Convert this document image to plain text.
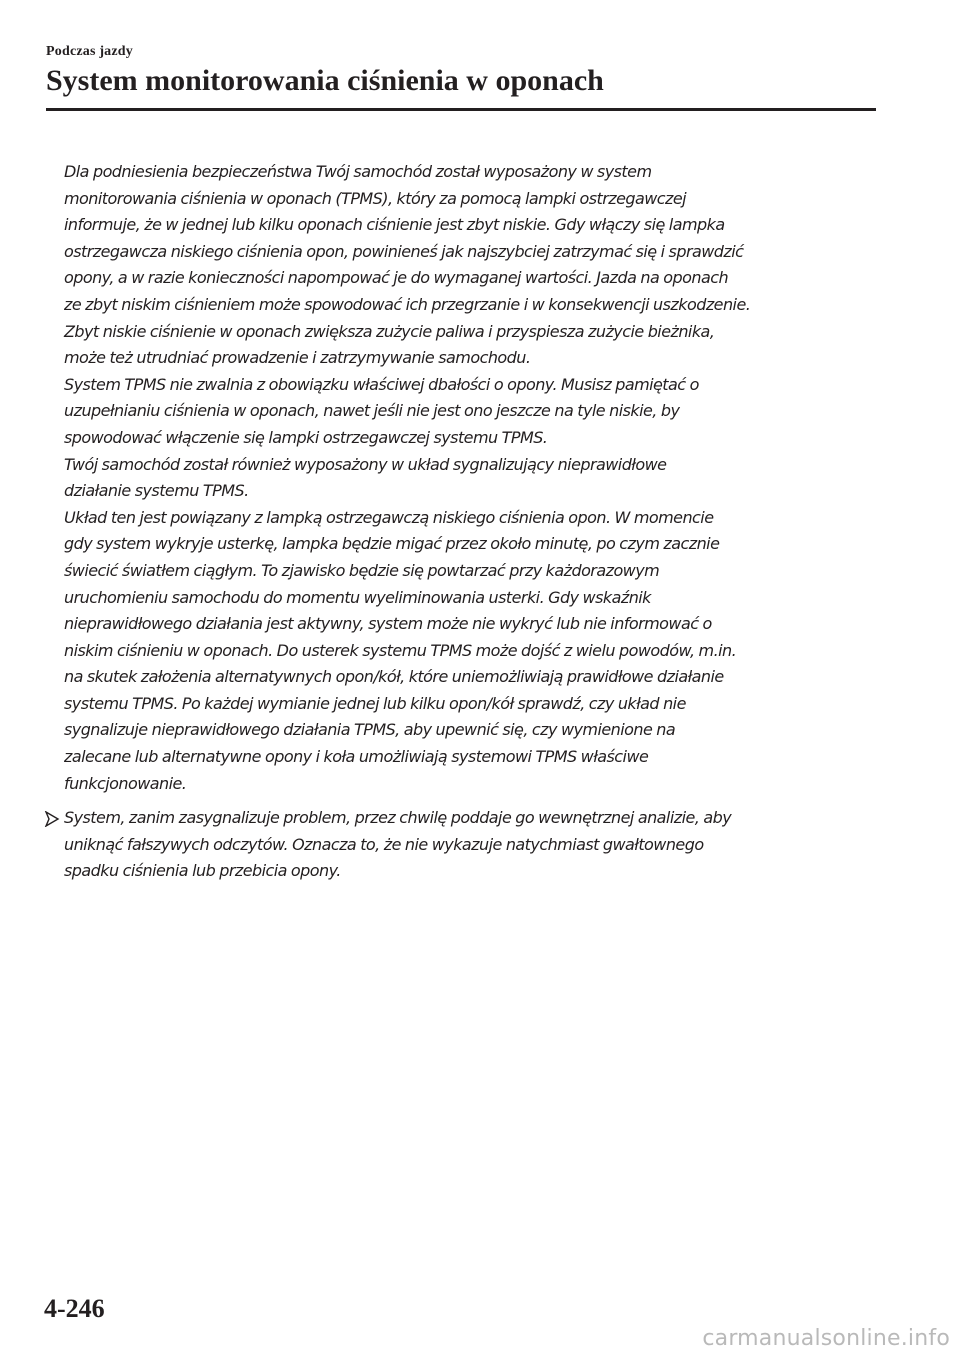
Podczas jazdy
System monitorowania ciśnienia w oponach
Dla podniesienia bezpieczeństwa Twój samochód został wyposażony w system
monitorowania ciśnienia w oponach (TPMS), który za pomocą lampki ostrzegawczej
informuje, że w jednej lub kilku oponach ciśnienie jest zbyt niskie. Gdy włączy się lampka
ostrzegawcza niskiego ciśnienia opon, powinieneś jak najszybciej zatrzymać się i sprawdzić
opony, a w razie konieczności napompować je do wymaganej wartości. Jazda na oponach
ze zbyt niskim ciśnieniem może spowodować ich przegrzanie i w konsekwencji uszkodzenie.
Zbyt niskie ciśnienie w oponach zwiększa zużycie paliwa i przyspiesza zużycie bieżnika,
może też utrudniać prowadzenie i zatrzymywanie samochodu.
System TPMS nie zwalnia z obowiązku właściwej dbałości o opony. Musisz pamiętać o
uzupełnianiu ciśnienia w oponach, nawet jeśli nie jest ono jeszcze na tyle niskie, by
spowodować włączenie się lampki ostrzegawczej systemu TPMS.
Twój samochód został również wyposażony w układ sygnalizujący nieprawidłowe
działanie systemu TPMS.
Układ ten jest powiązany z lampką ostrzegawczą niskiego ciśnienia opon. W momencie
gdy system wykryje usterkę, lampka będzie migać przez około minutę, po czym zacznie
świecić światłem ciągłym. To zjawisko będzie się powtarzać przy każdorazowym
uruchomieniu samochodu do momentu wyeliminowania usterki. Gdy wskaźnik
nieprawidłowego działania jest aktywny, system może nie wykryć lub nie informować o
niskim ciśnieniu w oponach. Do usterek systemu TPMS może dojść z wielu powodów, m.in.
na skutek założenia alternatywnych opon/kół, które uniemożliwiają prawidłowe działanie
systemu TPMS. Po każdej wymianie jednej lub kilku opon/kół sprawdź, czy układ nie
sygnalizuje nieprawidłowego działania TPMS, aby upewnić się, czy wymienione na
zalecane lub alternatywne opony i koła umożliwiają systemowi TPMS właściwe
funkcjonowanie.
System, zanim zasygnalizuje problem, przez chwilę poddaje go wewnętrznej analizie, aby
uniknąć fałszywych odczytów. Oznacza to, że nie wykazuje natychmiast gwałtownego
spadku ciśnienia lub przebicia opony.
4-246
carmanualsonline.info
